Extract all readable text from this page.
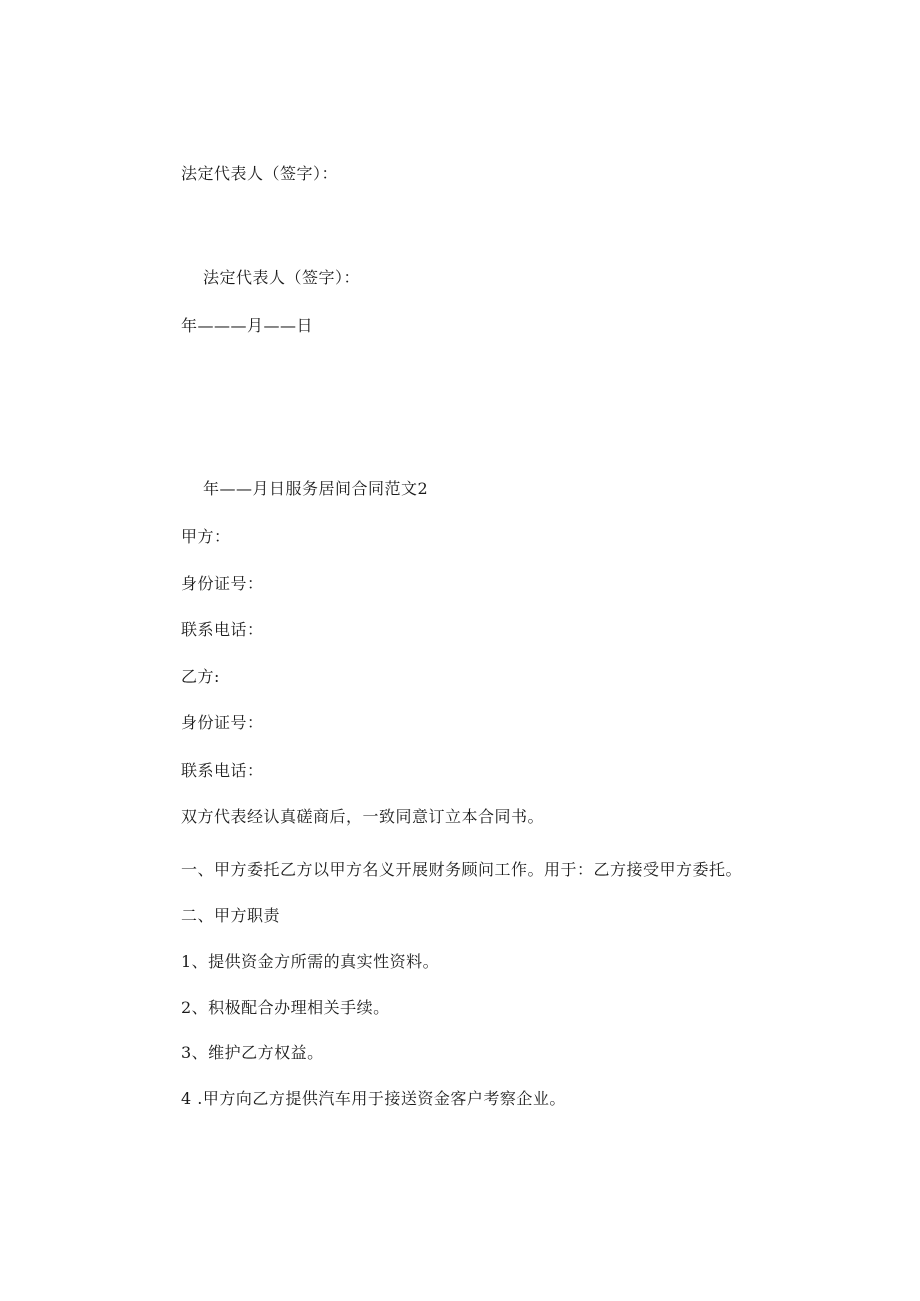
法定代表人（签字）：
法定代表人（签字）：
年———月——日
年——月日服务居间合同范文2
甲方：
身份证号：
联系电话：
乙方:
身份证号：
联系电话：
双方代表经认真磋商后，一致同意订立本合同书。
一、甲方委托乙方以甲方名义开展财务顾问工作。用于：乙方接受甲方委托。
二、甲方职责
1、提供资金方所需的真实性资料。
2、积极配合办理相关手续。
3、维护乙方权益。
4 .甲方向乙方提供汽车用于接送资金客户考察企业。
